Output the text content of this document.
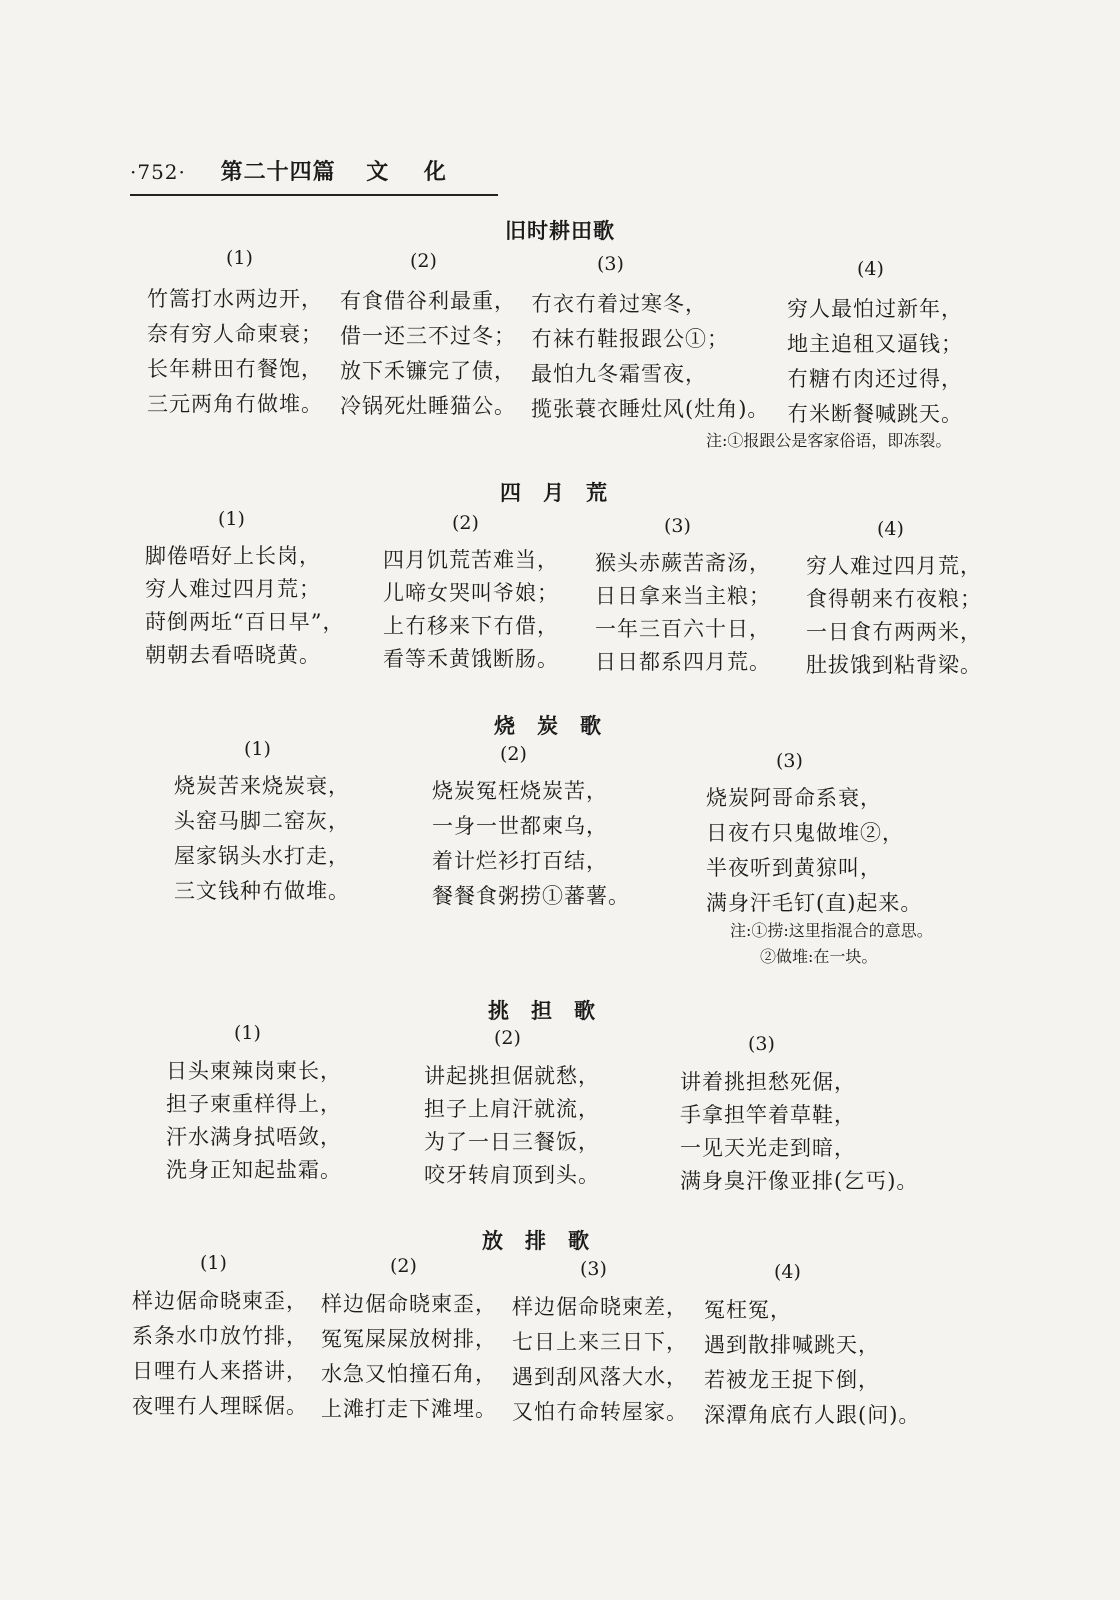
·752· 第二十四篇 文 化
旧时耕田歌
(1)
竹篙打水两边开，
奈有穷人命柬衰；
长年耕田冇餐饱，
三元两角冇做堆。
(2)
有食借谷利最重，
借一还三不过冬；
放下禾镰完了债，
冷锅死灶睡猫公。
(3)
冇衣冇着过寒冬，
冇袜冇鞋报跟公①；
最怕九冬霜雪夜，
揽张蓑衣睡灶风(灶角)。
(4)
穷人最怕过新年，
地主追租又逼钱；
冇糖冇肉还过得，
冇米断餐喊跳天。
注:①报跟公是客家俗语，即冻裂。
四月荒
(1)
脚倦唔好上长岗，
穷人难过四月荒；
莳倒两坵“百日早”，
朝朝去看唔晓黄。
(2)
四月饥荒苦难当，
儿啼女哭叫爷娘；
上冇移来下冇借，
看等禾黄饿断肠。
(3)
猴头赤蕨苦斋汤，
日日拿来当主粮；
一年三百六十日，
日日都系四月荒。
(4)
穷人难过四月荒，
食得朝来冇夜粮；
一日食冇两两米，
肚拔饿到粘背梁。
烧炭歌
(1)
烧炭苦来烧炭衰，
头窑马脚二窑灰，
屋家锅头水打走，
三文钱种冇做堆。
(2)
烧炭冤枉烧炭苦，
一身一世都柬乌，
着计烂衫打百结，
餐餐食粥捞①蕃薯。
(3)
烧炭阿哥命系衰，
日夜冇只鬼做堆②，
半夜听到黄猄叫，
满身汗毛钉(直)起来。
注:①捞:这里指混合的意思。
②做堆:在一块。
挑担歌
(1)
日头柬辣岗柬长，
担子柬重样得上，
汗水满身拭唔敛，
洗身正知起盐霜。
(2)
讲起挑担倨就愁，
担子上肩汗就流，
为了一日三餐饭，
咬牙转肩顶到头。
(3)
讲着挑担愁死倨，
手拿担竿着草鞋，
一见天光走到暗，
满身臭汗像亚排(乞丐)。
放排歌
(1)
样边倨命晓柬歪，
系条水巾放竹排，
日哩冇人来搭讲，
夜哩冇人理睬倨。
(2)
样边倨命晓柬歪，
冤冤屎屎放树排，
水急又怕撞石角，
上滩打走下滩埋。
(3)
样边倨命晓柬差，
七日上来三日下，
遇到刮风落大水，
又怕冇命转屋家。
(4)
冤枉冤，
遇到散排喊跳天，
若被龙王捉下倒，
深潭角底冇人跟(问)。
